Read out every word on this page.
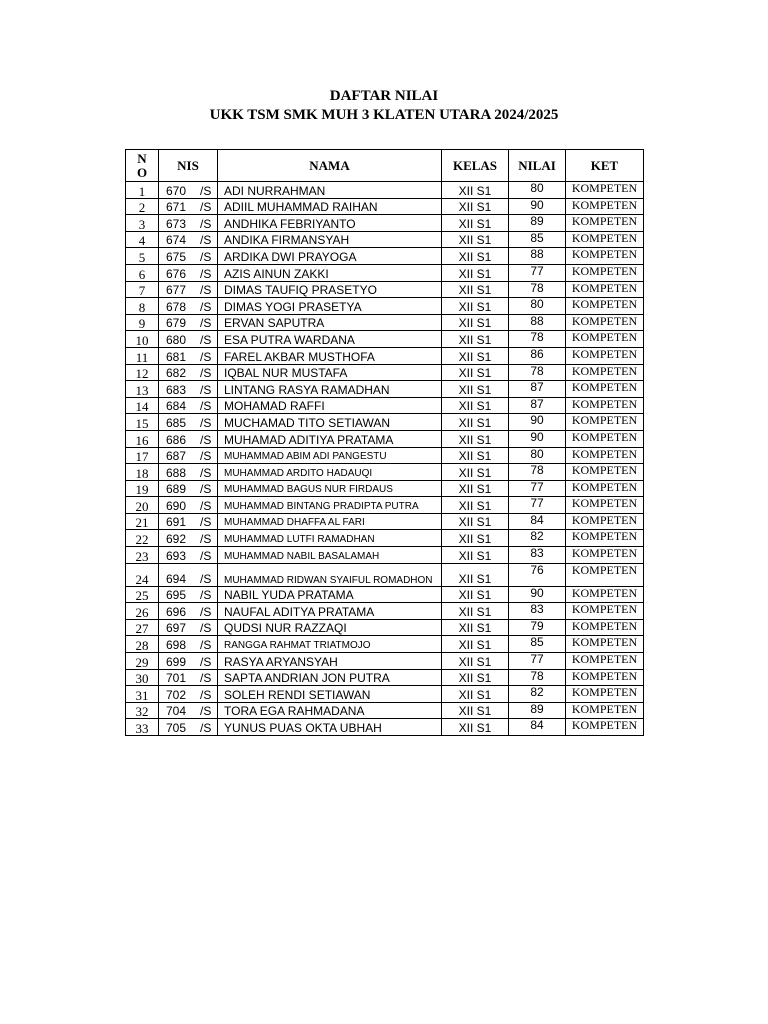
DAFTAR NILAI
UKK TSM SMK MUH 3 KLATEN UTARA 2024/2025
N
O	NIS	NAMA	KELAS	NILAI	KET
1	670 /S	ADI NURRAHMAN	XII S1	80	KOMPETEN
2	671 /S	ADIIL MUHAMMAD RAIHAN	XII S1	90	KOMPETEN
3	673 /S	ANDHIKA FEBRIYANTO	XII S1	89	KOMPETEN
4	674 /S	ANDIKA FIRMANSYAH	XII S1	85	KOMPETEN
5	675 /S	ARDIKA DWI PRAYOGA	XII S1	88	KOMPETEN
6	676 /S	AZIS AINUN ZAKKI	XII S1	77	KOMPETEN
7	677 /S	DIMAS TAUFIQ PRASETYO	XII S1	78	KOMPETEN
8	678 /S	DIMAS YOGI PRASETYA	XII S1	80	KOMPETEN
9	679 /S	ERVAN SAPUTRA	XII S1	88	KOMPETEN
10	680 /S	ESA PUTRA WARDANA	XII S1	78	KOMPETEN
11	681 /S	FAREL AKBAR MUSTHOFA	XII S1	86	KOMPETEN
12	682 /S	IQBAL NUR MUSTAFA	XII S1	78	KOMPETEN
13	683 /S	LINTANG RASYA RAMADHAN	XII S1	87	KOMPETEN
14	684 /S	MOHAMAD RAFFI	XII S1	87	KOMPETEN
15	685 /S	MUCHAMAD TITO SETIAWAN	XII S1	90	KOMPETEN
16	686 /S	MUHAMAD ADITIYA PRATAMA	XII S1	90	KOMPETEN
17	687 /S	MUHAMMAD ABIM ADI PANGESTU	XII S1	80	KOMPETEN
18	688 /S	MUHAMMAD ARDITO HADAUQI	XII S1	78	KOMPETEN
19	689 /S	MUHAMMAD BAGUS NUR FIRDAUS	XII S1	77	KOMPETEN
20	690 /S	MUHAMMAD BINTANG PRADIPTA PUTRA	XII S1	77	KOMPETEN
21	691 /S	MUHAMMAD DHAFFA AL FARI	XII S1	84	KOMPETEN
22	692 /S	MUHAMMAD LUTFI RAMADHAN	XII S1	82	KOMPETEN
23	693 /S	MUHAMMAD NABIL BASALAMAH	XII S1	83	KOMPETEN
24	694 /S	MUHAMMAD RIDWAN SYAIFUL ROMADHON	XII S1	76	KOMPETEN
25	695 /S	NABIL YUDA PRATAMA	XII S1	90	KOMPETEN
26	696 /S	NAUFAL ADITYA PRATAMA	XII S1	83	KOMPETEN
27	697 /S	QUDSI NUR RAZZAQI	XII S1	79	KOMPETEN
28	698 /S	RANGGA RAHMAT TRIATMOJO	XII S1	85	KOMPETEN
29	699 /S	RASYA ARYANSYAH	XII S1	77	KOMPETEN
30	701 /S	SAPTA ANDRIAN JON PUTRA	XII S1	78	KOMPETEN
31	702 /S	SOLEH RENDI SETIAWAN	XII S1	82	KOMPETEN
32	704 /S	TORA EGA RAHMADANA	XII S1	89	KOMPETEN
33	705 /S	YUNUS PUAS OKTA UBHAH	XII S1	84	KOMPETEN
